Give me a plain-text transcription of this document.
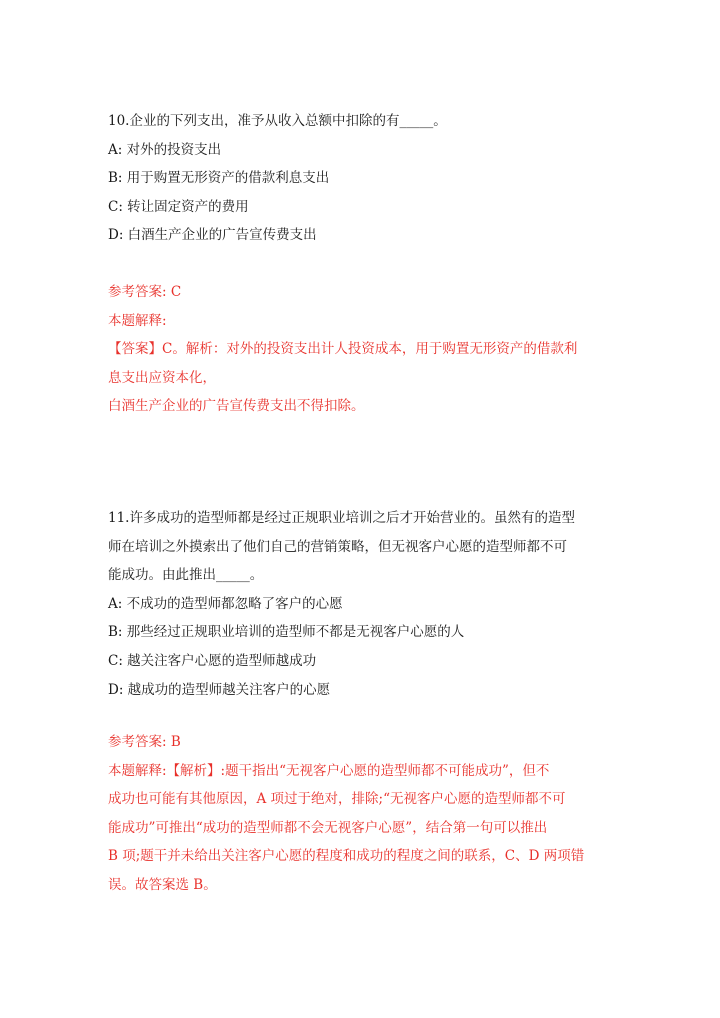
10.企业的下列支出，准予从收入总额中扣除的有_____。
A: 对外的投资支出
B: 用于购置无形资产的借款利息支出
C: 转让固定资产的费用
D: 白酒生产企业的广告宣传费支出
参考答案: C
本题解释:
【答案】C。解析：对外的投资支出计人投资成本，用于购置无形资产的借款利
息支出应资本化，
白酒生产企业的广告宣传费支出不得扣除。
11.许多成功的造型师都是经过正规职业培训之后才开始营业的。虽然有的造型
师在培训之外摸索出了他们自己的营销策略，但无视客户心愿的造型师都不可
能成功。由此推出_____。
A: 不成功的造型师都忽略了客户的心愿
B: 那些经过正规职业培训的造型师不都是无视客户心愿的人
C: 越关注客户心愿的造型师越成功
D: 越成功的造型师越关注客户的心愿
参考答案: B
本题解释:【解析】:题干指出“无视客户心愿的造型师都不可能成功”，但不
成功也可能有其他原因，A 项过于绝对，排除;“无视客户心愿的造型师都不可
能成功”可推出“成功的造型师都不会无视客户心愿”，结合第一句可以推出
B 项;题干并未给出关注客户心愿的程度和成功的程度之间的联系，C、D 两项错
误。故答案选 B。
